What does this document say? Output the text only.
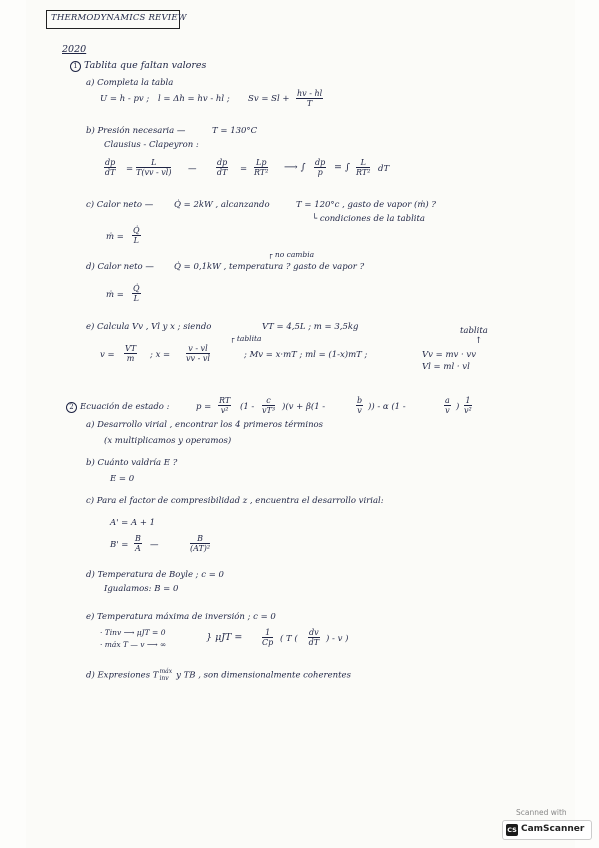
THERMODYNAMICS REVIEW
2020
1 Tablita que faltan valores
a) Completa la tabla
U = h - pv ; l = Δh = hv - hl ; $Sv = Sl + \frac{hv - hl}{T}$
b) Presión necesaria —	T = 130°C
Clausius - Clapeyron :
$\frac{dp}{dT} = \frac{L}{T(vv - vl)}$ — $\frac{dp}{dT} = \frac{Lp}{\text{RT²}}$ ⟶ ∫ $\frac{dp}{p}$ = ∫ $\frac{L}{\text{RT²}}$ dT
c) Calor neto — Q̇ = 2kW , alcanzando	T = 120°c , gasto de vapor (ṁ) ?
└ condiciones de la tablita
ṁ = $\frac{Q̇}{L}$
┌ no cambia
d) Calor neto — Q̇ = 0,1kW , temperatura ? gasto de vapor ?
ṁ = $\frac{Q̇}{L}$
tablita
e) Calcula Vv , Vl y x ; siendo	VT = 4,5L ; m = 3,5kg
┌ tablita	↑
$v = \frac{VT}{m}$ ; $x = \frac{v - vl}{vv - vl}$	; Mv = x·mT ; ml = (1-x)mT ;	Vv = mv · vv
Vl = ml · vl
2 Ecuación de estado :	$p = \frac{RT}{\text{v²}} (1 - \frac{c}{\text{vT³}} )(v + \beta(1$ -	$\frac{b}{v}$ )) - α (1 -	$\frac{a}{v}$ ) $\frac{1}{\text{v²}}$
a) Desarrollo virial , encontrar los 4 primeros términos
(x multiplicamos y operamos)
b) Cuánto valdría E ?
E = 0
c) Para el factor de compresibilidad z , encuentra el desarrollo virial:
A' = A + 1
$B' = \frac{B}{A}$ —	$\frac{B}{\text{(AT)²}}$
d) Temperatura de Boyle ; c = 0
Igualamos: B = 0
e) Temperatura máxima de inversión ; c = 0
· Tinv ⟶ μJT = 0
· máx T — v ⟶ ∞
} $\mu JT = \frac{1}{Cp}$ ( T ( $\frac{dv}{dT}$ ) - v )
d) Expresiones T máx
inv y TB , son dimensionalmente coherentes
Scanned with
CS CamScanner
